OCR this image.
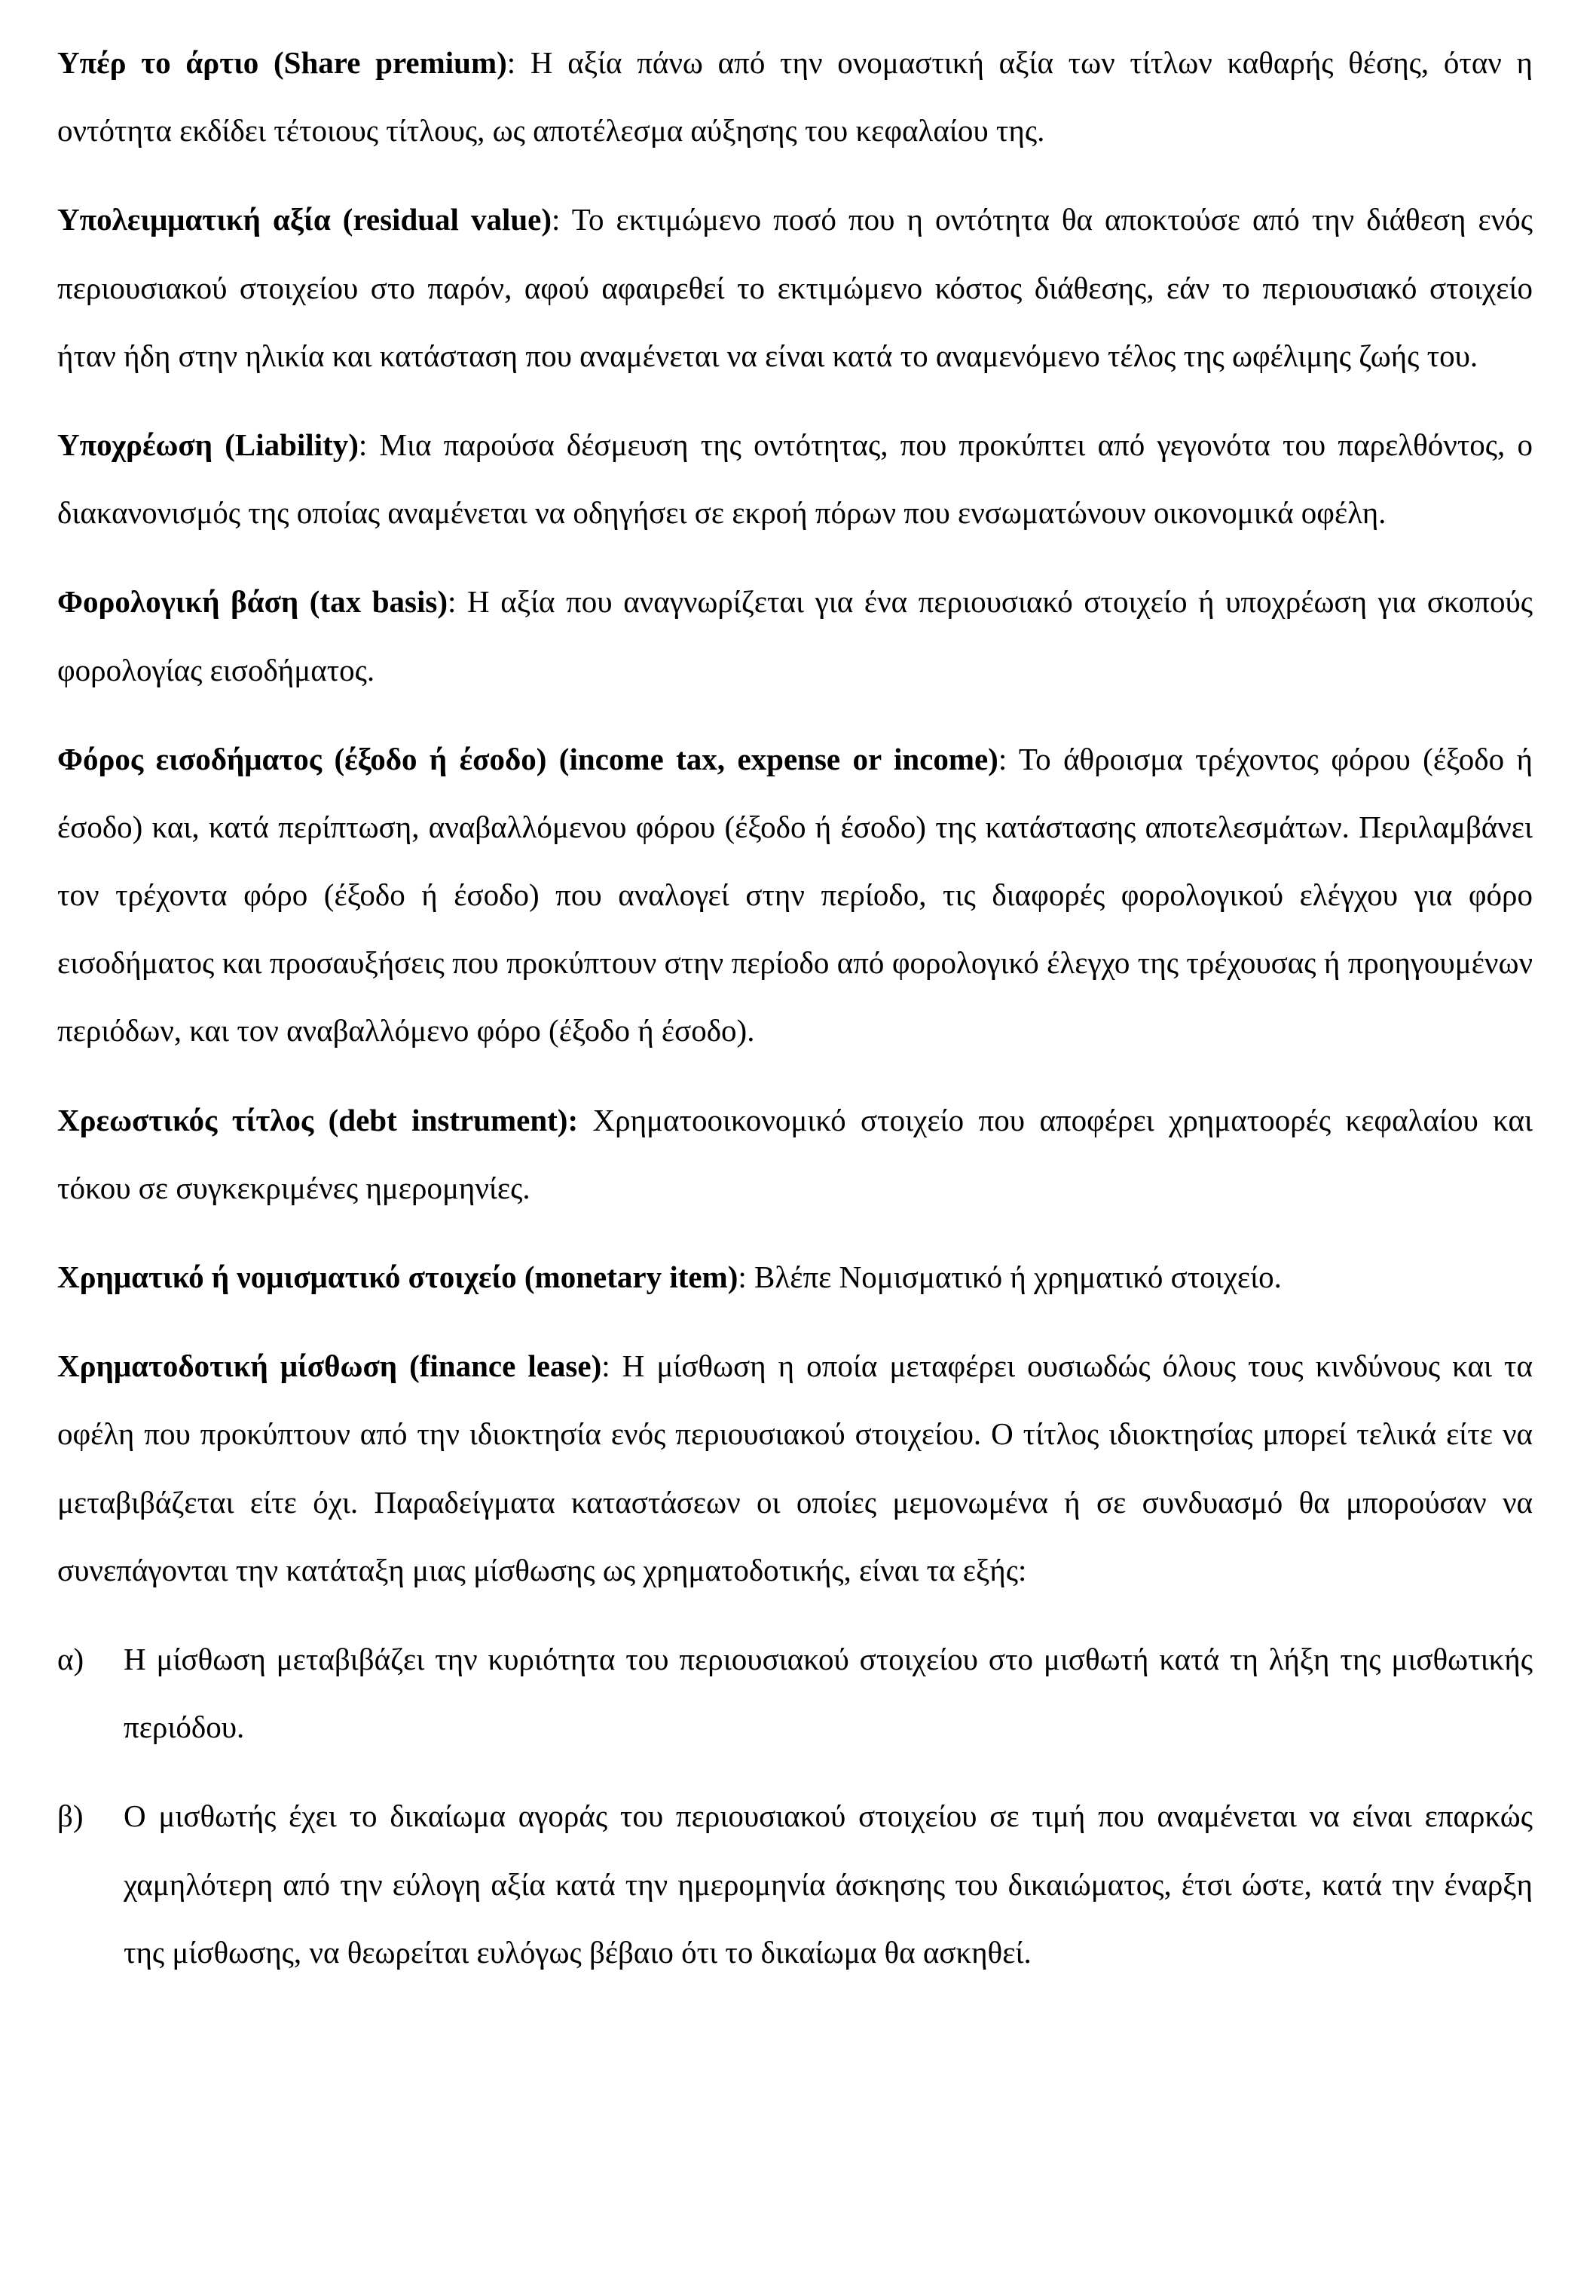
Υπέρ το άρτιο (Share premium): Η αξία πάνω από την ονομαστική αξία των τίτλων καθαρής θέσης, όταν η οντότητα εκδίδει τέτοιους τίτλους, ως αποτέλεσμα αύξησης του κεφαλαίου της.

Υπολειμματική αξία (residual value): Το εκτιμώμενο ποσό που η οντότητα θα αποκτούσε από την διάθεση ενός περιουσιακού στοιχείου στο παρόν, αφού αφαιρεθεί το εκτιμώμενο κόστος διάθεσης, εάν το περιουσιακό στοιχείο ήταν ήδη στην ηλικία και κατάσταση που αναμένεται να είναι κατά το αναμενόμενο τέλος της ωφέλιμης ζωής του.

Υποχρέωση (Liability): Μια παρούσα δέσμευση της οντότητας, που προκύπτει από γεγονότα του παρελθόντος, ο διακανονισμός της οποίας αναμένεται να οδηγήσει σε εκροή πόρων που ενσωματώνουν οικονομικά οφέλη.

Φορολογική βάση (tax basis): Η αξία που αναγνωρίζεται για ένα περιουσιακό στοιχείο ή υποχρέωση για σκοπούς φορολογίας εισοδήματος.

Φόρος εισοδήματος (έξοδο ή έσοδο) (income tax, expense or income): Το άθροισμα τρέχοντος φόρου (έξοδο ή έσοδο) και, κατά περίπτωση, αναβαλλόμενου φόρου (έξοδο ή έσοδο) της κατάστασης αποτελεσμάτων. Περιλαμβάνει τον τρέχοντα φόρο (έξοδο ή έσοδο) που αναλογεί στην περίοδο, τις διαφορές φορολογικού ελέγχου για φόρο εισοδήματος και προσαυξήσεις που προκύπτουν στην περίοδο από φορολογικό έλεγχο της τρέχουσας ή προηγουμένων περιόδων, και τον αναβαλλόμενο φόρο (έξοδο ή έσοδο).

Χρεωστικός τίτλος (debt instrument): Χρηματοοικονομικό στοιχείο που αποφέρει χρηματοορές κεφαλαίου και τόκου σε συγκεκριμένες ημερομηνίες.

Χρηματικό ή νομισματικό στοιχείο (monetary item): Βλέπε Νομισματικό ή χρηματικό στοιχείο.

Χρηματοδοτική μίσθωση (finance lease): Η μίσθωση η οποία μεταφέρει ουσιωδώς όλους τους κινδύνους και τα οφέλη που προκύπτουν από την ιδιοκτησία ενός περιουσιακού στοιχείου. Ο τίτλος ιδιοκτησίας μπορεί τελικά είτε να μεταβιβάζεται είτε όχι. Παραδείγματα καταστάσεων οι οποίες μεμονωμένα ή σε συνδυασμό θα μπορούσαν να συνεπάγονται την κατάταξη μιας μίσθωσης ως χρηματοδοτικής, είναι τα εξής:

α)	Η μίσθωση μεταβιβάζει την κυριότητα του περιουσιακού στοιχείου στο μισθωτή κατά τη λήξη της μισθωτικής περιόδου.
β)	Ο μισθωτής έχει το δικαίωμα αγοράς του περιουσιακού στοιχείου σε τιμή που αναμένεται να είναι επαρκώς χαμηλότερη από την εύλογη αξία κατά την ημερομηνία άσκησης του δικαιώματος, έτσι ώστε, κατά την έναρξη της μίσθωσης, να θεωρείται ευλόγως βέβαιο ότι το δικαίωμα θα ασκηθεί.
